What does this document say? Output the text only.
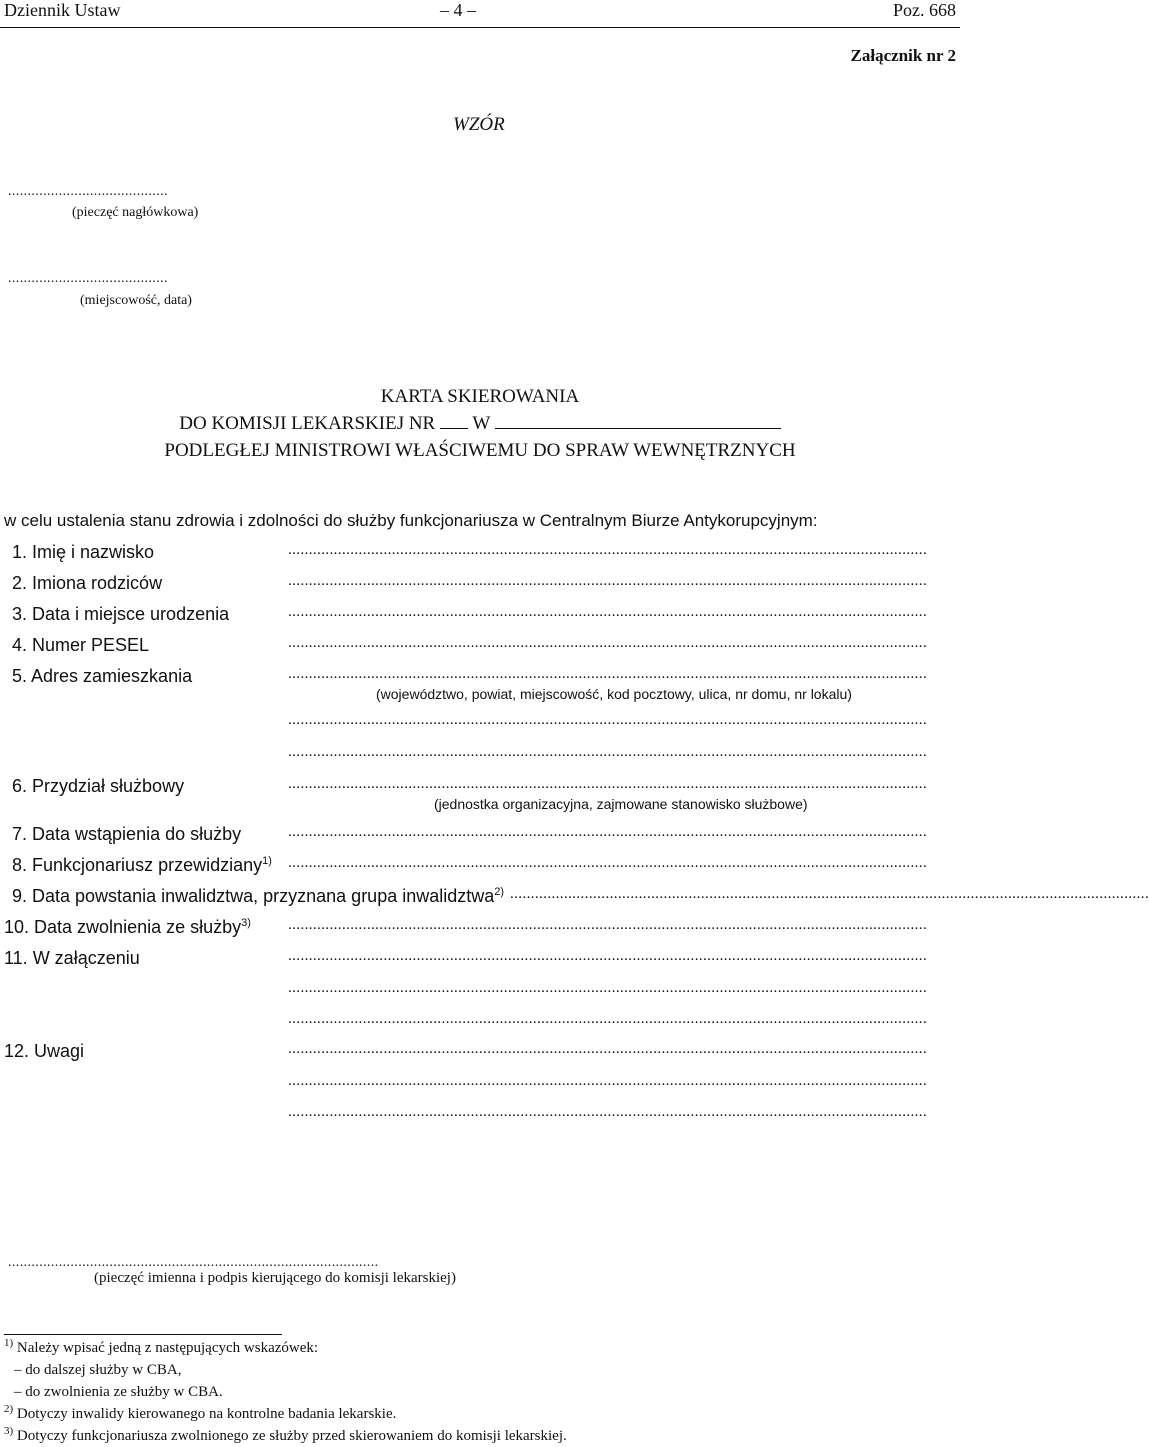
Dziennik Ustaw	– 4 –	Poz. 668
Załącznik nr 2
WZÓR
.........................................
(pieczęć nagłówkowa)
.........................................
(miejscowość, data)
KARTA SKIEROWANIA
DO KOMISJI LEKARSKIEJ NR W
PODLEGŁEJ MINISTROWI WŁAŚCIWEMU DO SPRAW WEWNĘTRZNYCH
w celu ustalenia stanu zdrowia i zdolności do służby funkcjonariusza w Centralnym Biurze Antykorupcyjnym:
1. Imię i nazwisko	..........................................................................................................................................................
2. Imiona rodziców	..........................................................................................................................................................
3. Data i miejsce urodzenia	..........................................................................................................................................................
4. Numer PESEL	..........................................................................................................................................................
5. Adres zamieszkania	..........................................................................................................................................................
(województwo, powiat, miejscowość, kod pocztowy, ulica, nr domu, nr lokalu)
..........................................................................................................................................................
..........................................................................................................................................................
6. Przydział służbowy	..........................................................................................................................................................
(jednostka organizacyjna, zajmowane stanowisko służbowe)
7. Data wstąpienia do służby	..........................................................................................................................................................
8. Funkcjonariusz przewidziany$^{1)}$ ..........................................................................................................................................................
9. Data powstania inwalidztwa, przyznana grupa inwalidztwa$^{2)}$ ..........................................................................................................................................................
10. Data zwolnienia ze służby$^{3)}$ ..........................................................................................................................................................
11. W załączeniu	..........................................................................................................................................................
..........................................................................................................................................................
..........................................................................................................................................................
12. Uwagi	..........................................................................................................................................................
..........................................................................................................................................................
..........................................................................................................................................................
...............................................................................................
(pieczęć imienna i podpis kierującego do komisji lekarskiej)
$^{1)}$ Należy wpisać jedną z następujących wskazówek:
– do dalszej służby w CBA,
– do zwolnienia ze służby w CBA.
$^{2)}$ Dotyczy inwalidy kierowanego na kontrolne badania lekarskie.
$^{3)}$ Dotyczy funkcjonariusza zwolnionego ze służby przed skierowaniem do komisji lekarskiej.
